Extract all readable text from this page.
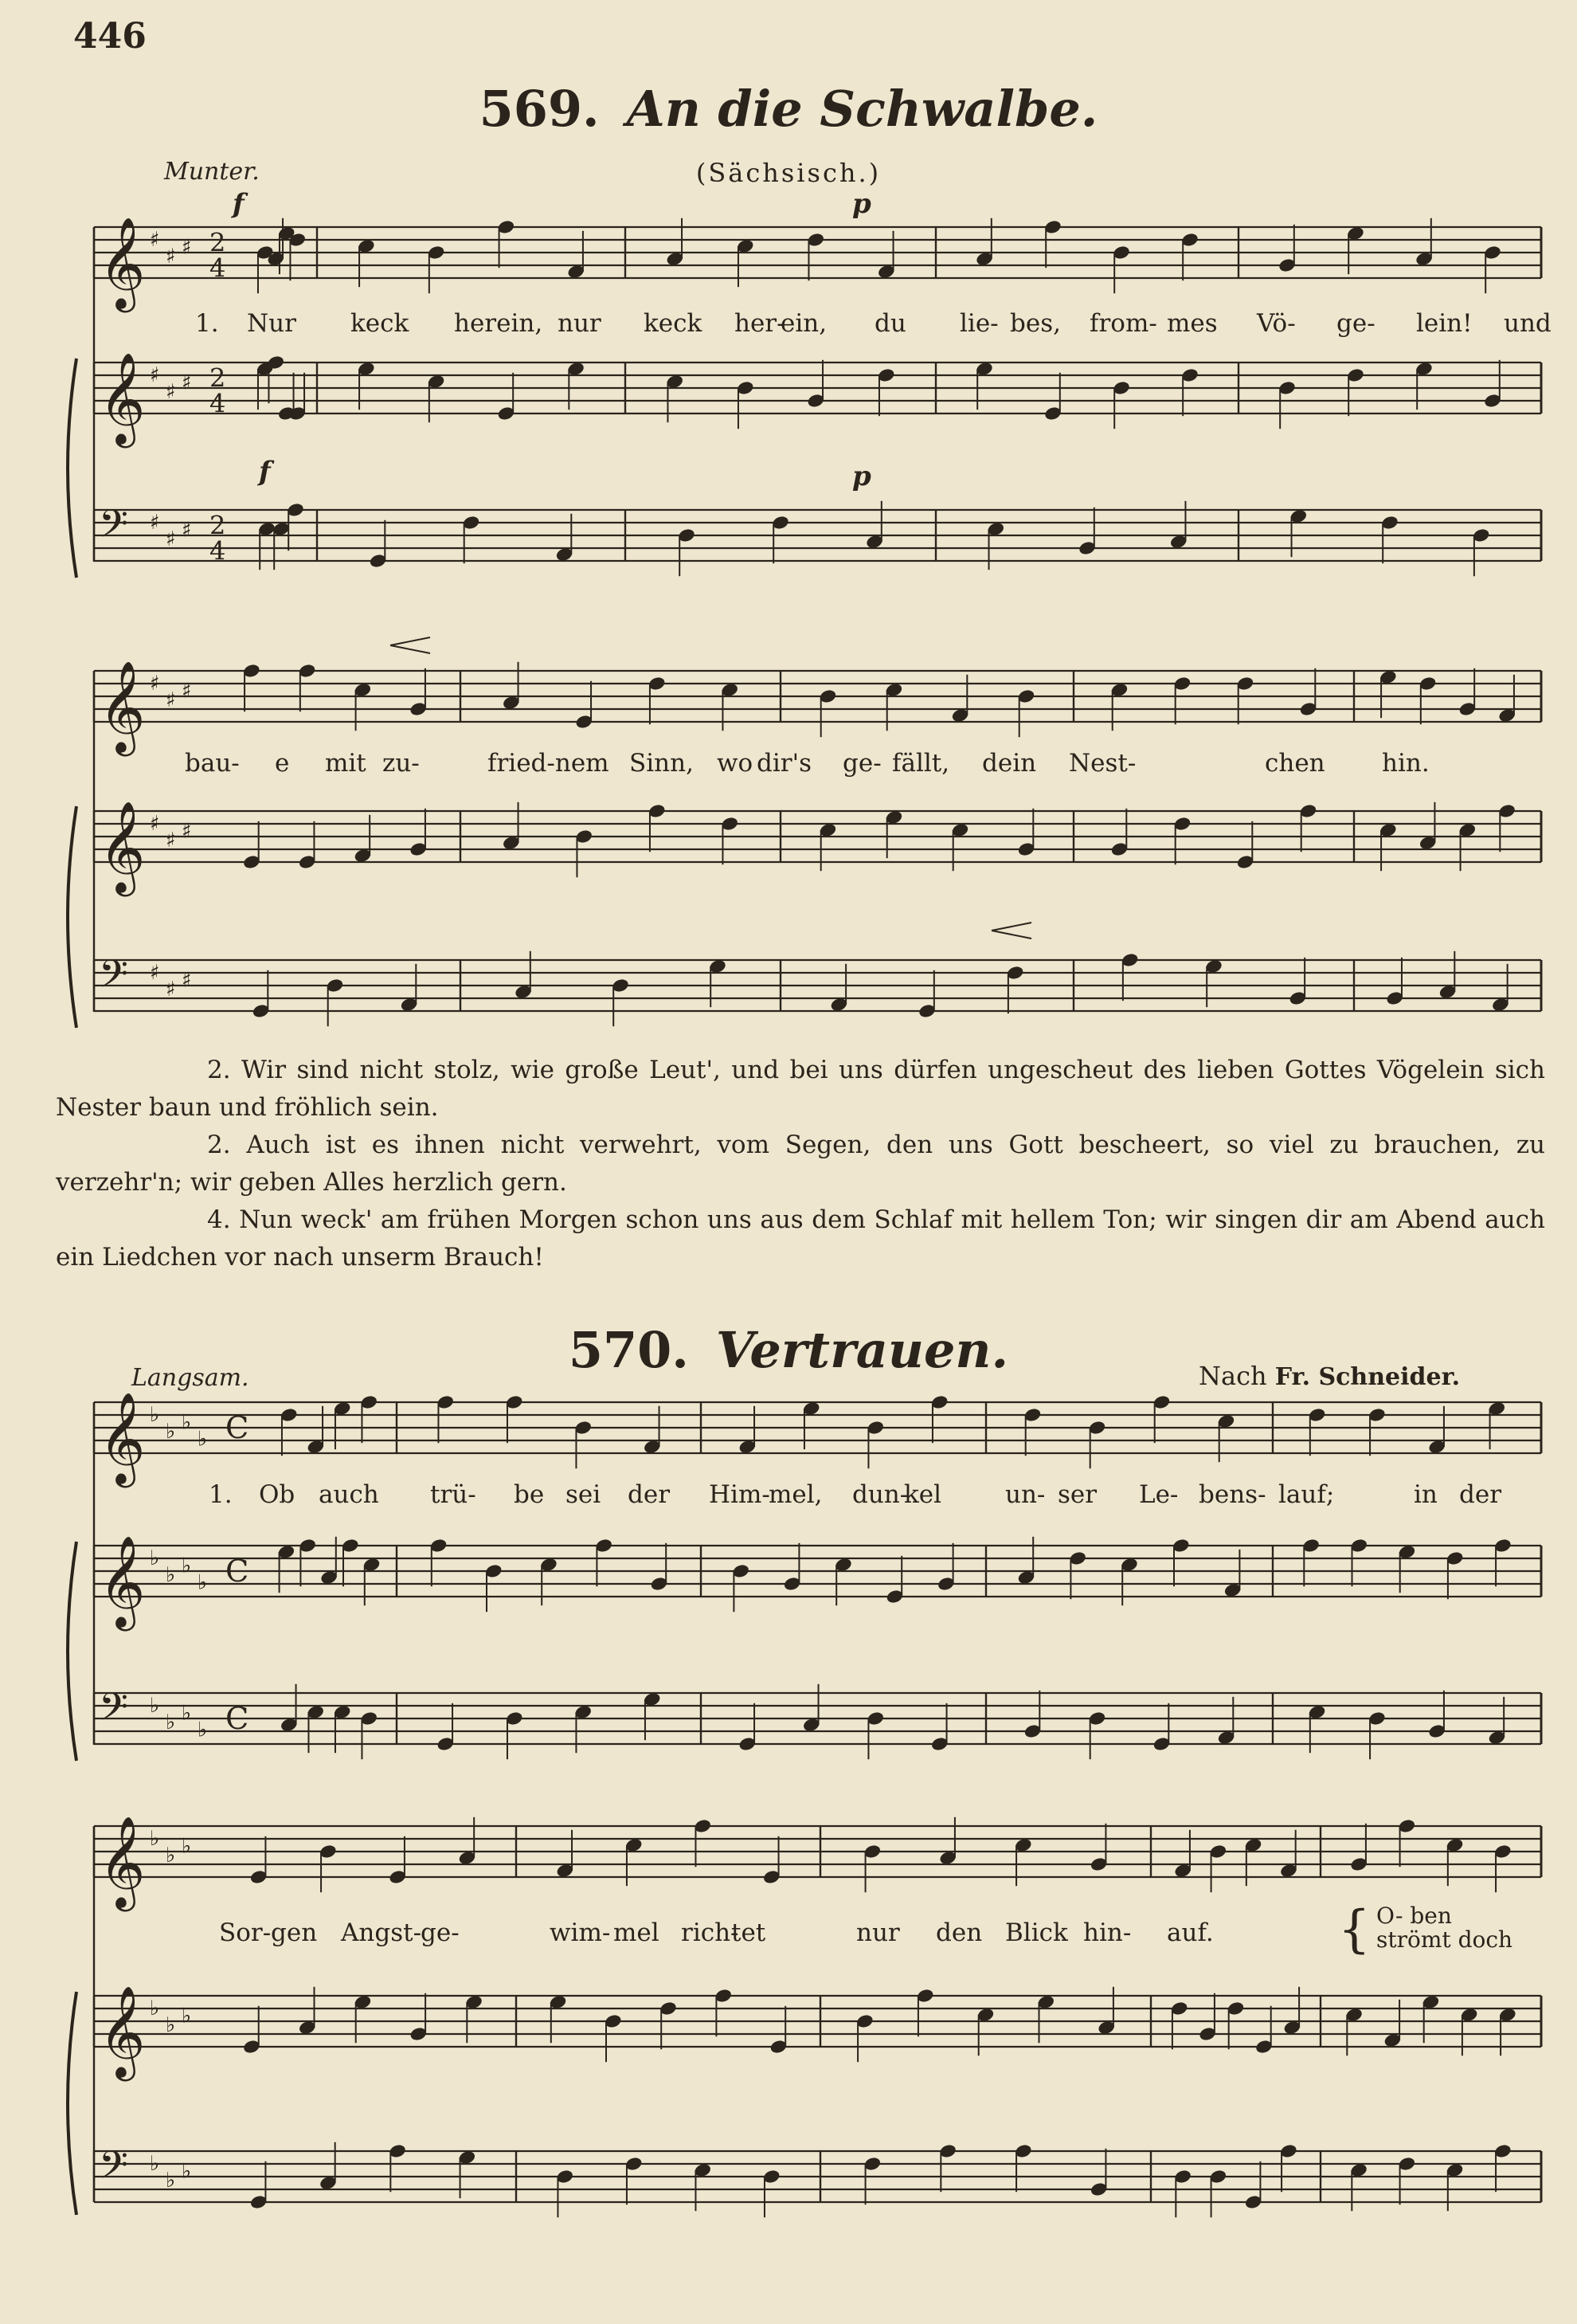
446
569. An die Schwalbe.
Munter.	(Sächsisch.)
f	p
f	p
1. Nur keck herein, nur keck her-
ein, du lie- bes, from- mes Vö- ge- lein! und
bau- e mit zu-	fried-nem Sinn, wo dir's ge- fällt, dein Nest-	chen hin.

2. Wir sind nicht stolz, wie große Leut', und bei uns dürfen ungescheut des lieben Gottes Vögelein sich Nester baun und fröhlich sein.

2. Auch ist es ihnen nicht verwehrt, vom Segen, den uns Gott bescheert, so viel zu brauchen, zu verzehr'n; wir geben Alles herzlich gern.

4. Nun weck' am frühen Morgen schon uns aus dem Schlaf mit hellem Ton; wir singen dir am Abend auch ein Liedchen vor nach unserm Brauch!

570. Vertrauen.
Langsam.	Nach Fr. Schneider.
1. Ob auch trü- be sei der Him-
mel, dun-
kel	un- ser Le- bens- lauf;	in der
Sor- gen Angst-
ge-	wim- mel rich-
tet	nur den Blick hin- auf. { O- ben
strömt doch
𝄞 ♯
♯ ♯ 2
4
𝄞 ♯
♯ ♯ 2
4
𝄢 ♯
♯ ♯ 2
4
𝄞 ♯
♯ ♯
𝄞 ♯
♯ ♯
𝄢 ♯
♯ ♯
𝄞 ♭
♭ ♭
♭ C
𝄞 ♭
♭ ♭
♭ C
𝄢 ♭
♭ ♭
♭ C
𝄞 ♭
♭ ♭
𝄞 ♭
♭ ♭
𝄢 ♭
♭ ♭
